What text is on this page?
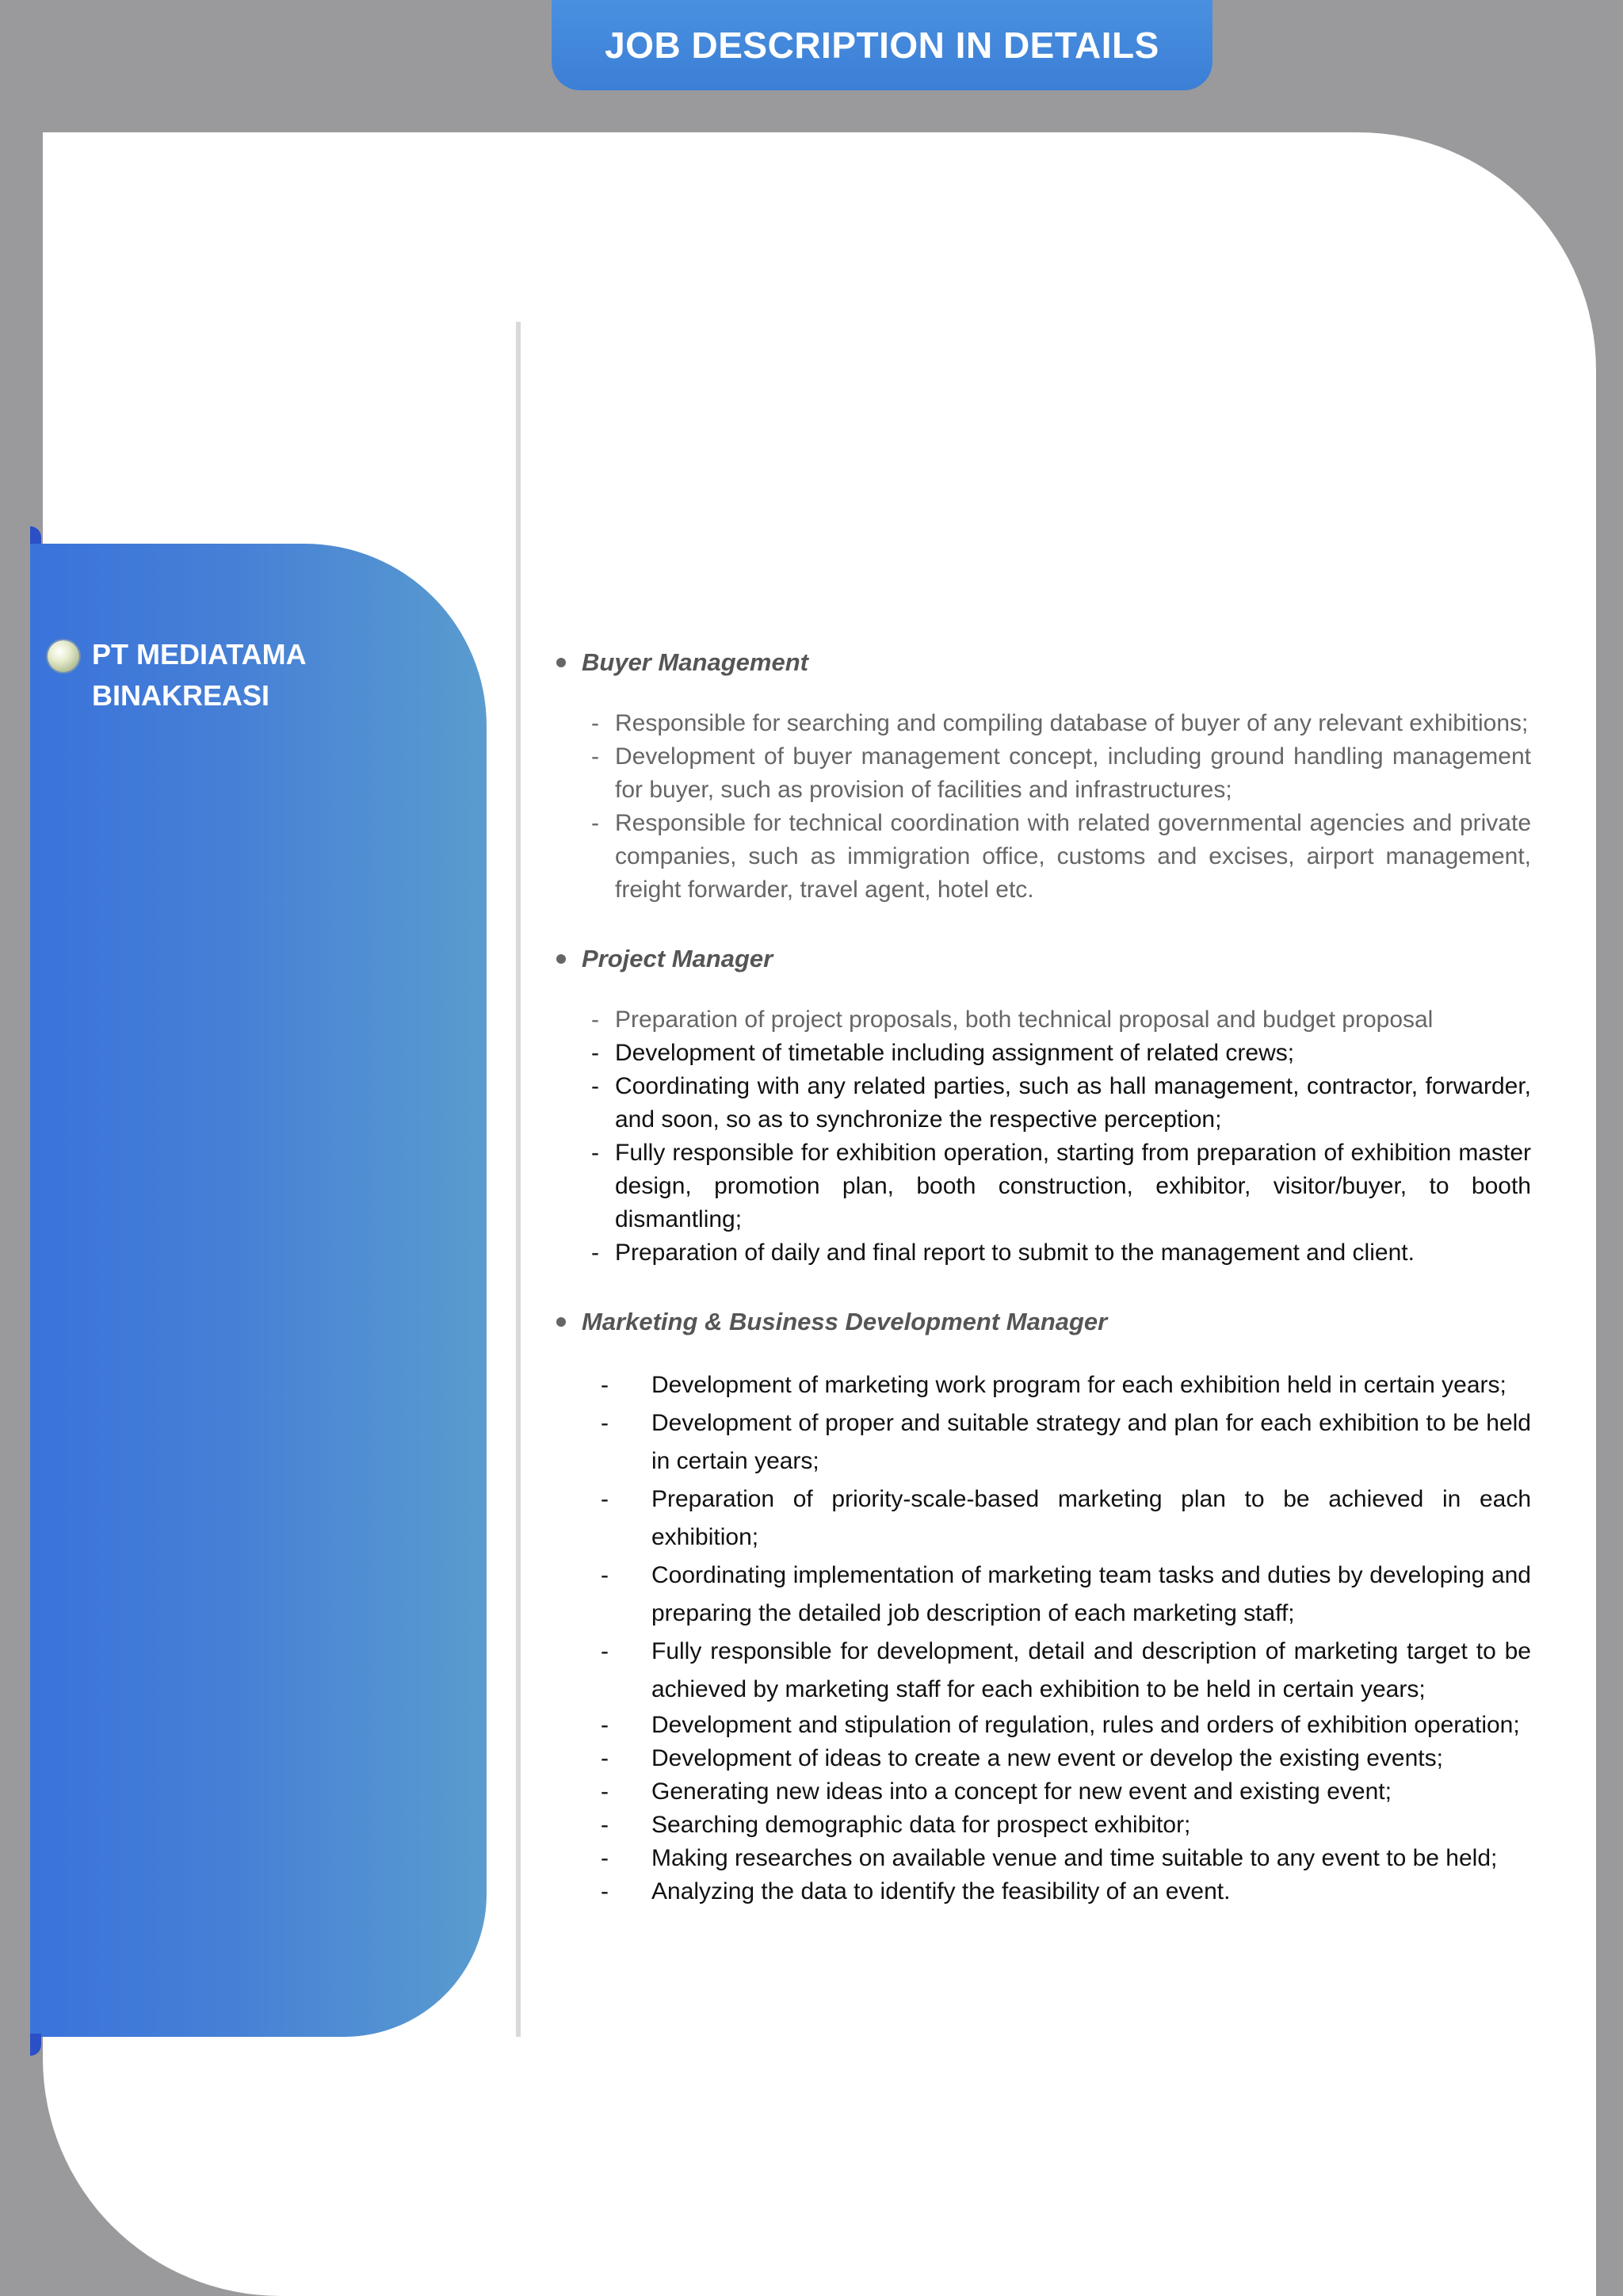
JOB DESCRIPTION IN DETAILS
PT MEDIATAMA BINAKREASI
Buyer Management
- Responsible for searching and compiling database of buyer of any relevant exhibitions;
- Development of buyer management concept, including ground handling management for buyer, such as provision of facilities and infrastructures;
- Responsible for technical coordination with related governmental agencies and private companies, such as immigration office, customs and excises, airport management, freight forwarder, travel agent, hotel etc.
Project Manager
- Preparation of project proposals, both technical proposal and budget proposal
- Development of timetable including assignment of related crews;
- Coordinating with any related parties, such as hall management, contractor, forwarder, and soon, so as to synchronize the respective perception;
- Fully responsible for exhibition operation, starting from preparation of exhibition master design, promotion plan, booth construction, exhibitor, visitor/buyer, to booth dismantling;
- Preparation of daily and final report to submit to the management and client.
Marketing & Business Development Manager
- Development of marketing work program for each exhibition held in certain years;
- Development of proper and suitable strategy and plan for each exhibition to be held in certain years;
- Preparation of priority-scale-based marketing plan to be achieved in each exhibition;
- Coordinating implementation of marketing team tasks and duties by developing and preparing the detailed job description of each marketing staff;
- Fully responsible for development, detail and description of marketing target to be achieved by marketing staff for each exhibition to be held in certain years;
- Development and stipulation of regulation, rules and orders of exhibition operation;
- Development of ideas to create a new event or develop the existing events;
- Generating new ideas into a concept for new event and existing event;
- Searching demographic data for prospect exhibitor;
- Making researches on available venue and time suitable to any event to be held;
- Analyzing the data to identify the feasibility of an event.
